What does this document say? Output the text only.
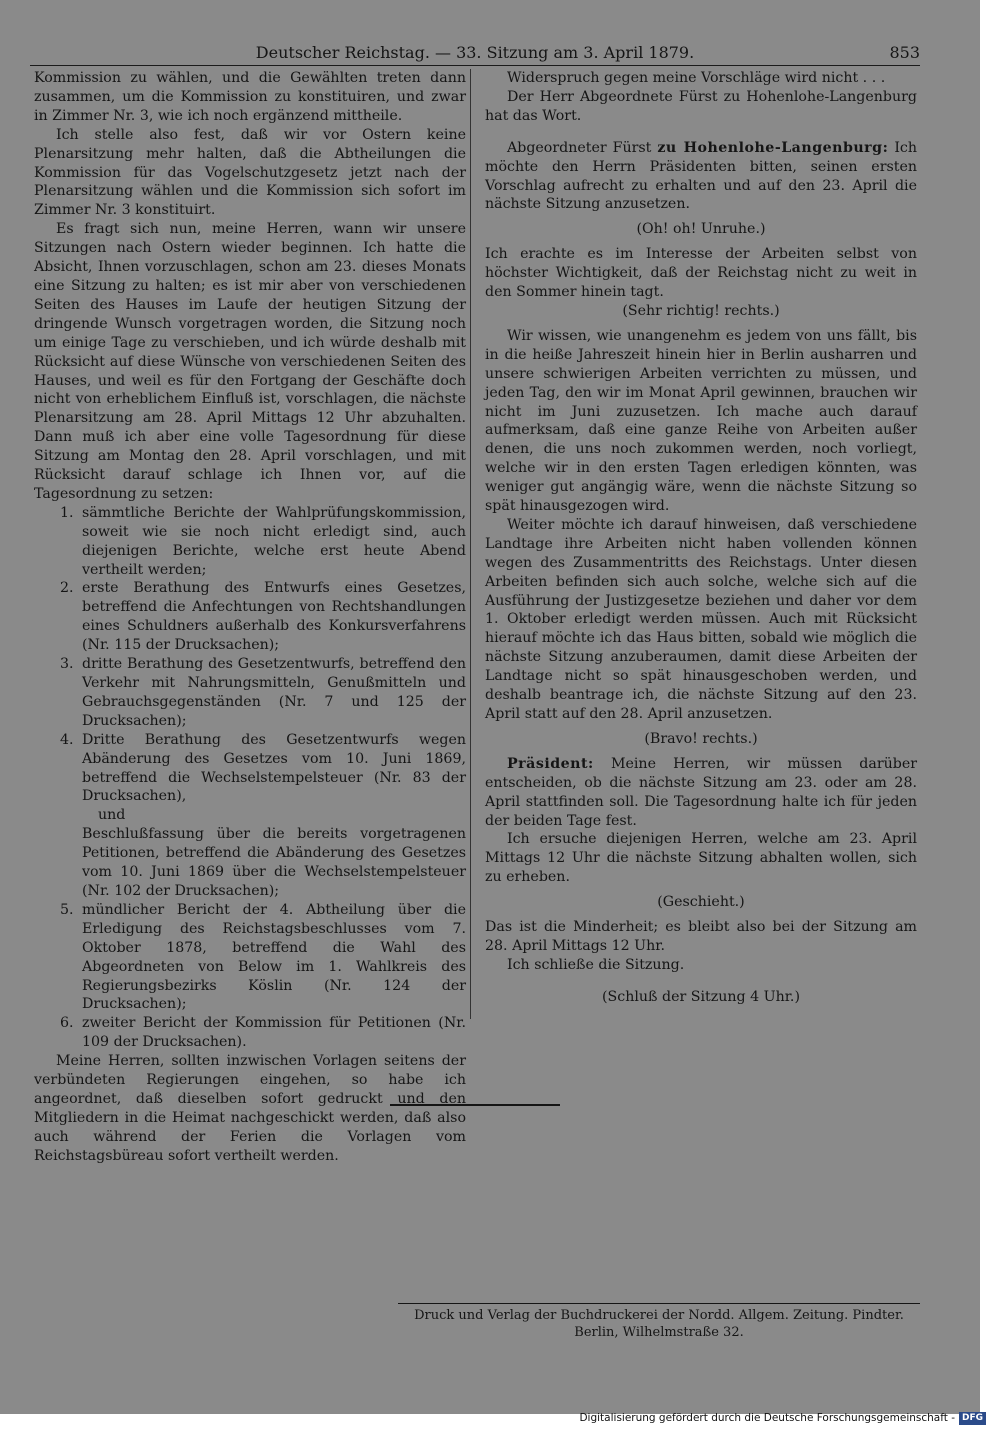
Deutscher Reichstag. — 33. Sitzung am 3. April 1879.	853

Kommission zu wählen, und die Gewählten treten dann zusammen, um die Kommission zu konstituiren, und zwar in Zimmer Nr. 3, wie ich noch ergänzend mittheile.

Ich stelle also fest, daß wir vor Ostern keine Plenarsitzung mehr halten, daß die Abtheilungen die Kommission für das Vogelschutzgesetz jetzt nach der Plenarsitzung wählen und die Kommission sich sofort im Zimmer Nr. 3 konstituirt.

Es fragt sich nun, meine Herren, wann wir unsere Sitzungen nach Ostern wieder beginnen. Ich hatte die Absicht, Ihnen vorzuschlagen, schon am 23. dieses Monats eine Sitzung zu halten; es ist mir aber von verschiedenen Seiten des Hauses im Laufe der heutigen Sitzung der dringende Wunsch vorgetragen worden, die Sitzung noch um einige Tage zu verschieben, und ich würde deshalb mit Rücksicht auf diese Wünsche von verschiedenen Seiten des Hauses, und weil es für den Fortgang der Geschäfte doch nicht von erheblichem Einfluß ist, vorschlagen, die nächste Plenarsitzung am 28. April Mittags 12 Uhr abzuhalten. Dann muß ich aber eine volle Tagesordnung für diese Sitzung am Montag den 28. April vorschlagen, und mit Rücksicht darauf schlage ich Ihnen vor, auf die Tagesordnung zu setzen:

1. sämmtliche Berichte der Wahlprüfungskommission, soweit wie sie noch nicht erledigt sind, auch diejenigen Berichte, welche erst heute Abend vertheilt werden;
2. erste Berathung des Entwurfs eines Gesetzes, betreffend die Anfechtungen von Rechtshandlungen eines Schuldners außerhalb des Konkursverfahrens (Nr. 115 der Drucksachen);
3. dritte Berathung des Gesetzentwurfs, betreffend den Verkehr mit Nahrungsmitteln, Genußmitteln und Gebrauchsgegenständen (Nr. 7 und 125 der Drucksachen);
4. Dritte Berathung des Gesetzentwurfs wegen Abänderung des Gesetzes vom 10. Juni 1869, betreffend die Wechselstempelsteuer (Nr. 83 der Drucksachen),
und
Beschlußfassung über die bereits vorgetragenen Petitionen, betreffend die Abänderung des Gesetzes vom 10. Juni 1869 über die Wechselstempelsteuer (Nr. 102 der Drucksachen);
5. mündlicher Bericht der 4. Abtheilung über die Erledigung des Reichstagsbeschlusses vom 7. Oktober 1878, betreffend die Wahl des Abgeordneten von Below im 1. Wahlkreis des Regierungsbezirks Köslin (Nr. 124 der Drucksachen);
6. zweiter Bericht der Kommission für Petitionen (Nr. 109 der Drucksachen).

Meine Herren, sollten inzwischen Vorlagen seitens der verbündeten Regierungen eingehen, so habe ich angeordnet, daß dieselben sofort gedruckt und den Mitgliedern in die Heimat nachgeschickt werden, daß also auch während der Ferien die Vorlagen vom Reichstagsbüreau sofort vertheilt werden.

Widerspruch gegen meine Vorschläge wird nicht . . .

Der Herr Abgeordnete Fürst zu Hohenlohe-Langenburg hat das Wort.

Abgeordneter Fürst zu Hohenlohe-Langenburg: Ich möchte den Herrn Präsidenten bitten, seinen ersten Vorschlag aufrecht zu erhalten und auf den 23. April die nächste Sitzung anzusetzen.

(Oh! oh! Unruhe.)

Ich erachte es im Interesse der Arbeiten selbst von höchster Wichtigkeit, daß der Reichstag nicht zu weit in den Sommer hinein tagt.

(Sehr richtig! rechts.)

Wir wissen, wie unangenehm es jedem von uns fällt, bis in die heiße Jahreszeit hinein hier in Berlin ausharren und unsere schwierigen Arbeiten verrichten zu müssen, und jeden Tag, den wir im Monat April gewinnen, brauchen wir nicht im Juni zuzusetzen. Ich mache auch darauf aufmerksam, daß eine ganze Reihe von Arbeiten außer denen, die uns noch zukommen werden, noch vorliegt, welche wir in den ersten Tagen erledigen könnten, was weniger gut angängig wäre, wenn die nächste Sitzung so spät hinausgezogen wird.

Weiter möchte ich darauf hinweisen, daß verschiedene Landtage ihre Arbeiten nicht haben vollenden können wegen des Zusammentritts des Reichstags. Unter diesen Arbeiten befinden sich auch solche, welche sich auf die Ausführung der Justizgesetze beziehen und daher vor dem 1. Oktober erledigt werden müssen. Auch mit Rücksicht hierauf möchte ich das Haus bitten, sobald wie möglich die nächste Sitzung anzuberaumen, damit diese Arbeiten der Landtage nicht so spät hinausgeschoben werden, und deshalb beantrage ich, die nächste Sitzung auf den 23. April statt auf den 28. April anzusetzen.

(Bravo! rechts.)

Präsident: Meine Herren, wir müssen darüber entscheiden, ob die nächste Sitzung am 23. oder am 28. April stattfinden soll. Die Tagesordnung halte ich für jeden der beiden Tage fest.

Ich ersuche diejenigen Herren, welche am 23. April Mittags 12 Uhr die nächste Sitzung abhalten wollen, sich zu erheben.

(Geschieht.)

Das ist die Minderheit; es bleibt also bei der Sitzung am 28. April Mittags 12 Uhr.

Ich schließe die Sitzung.

(Schluß der Sitzung 4 Uhr.)

Druck und Verlag der Buchdruckerei der Nordd. Allgem. Zeitung. Pindter.
Berlin, Wilhelmstraße 32.
Digitalisierung gefördert durch die Deutsche Forschungsgemeinschaft - DFG
